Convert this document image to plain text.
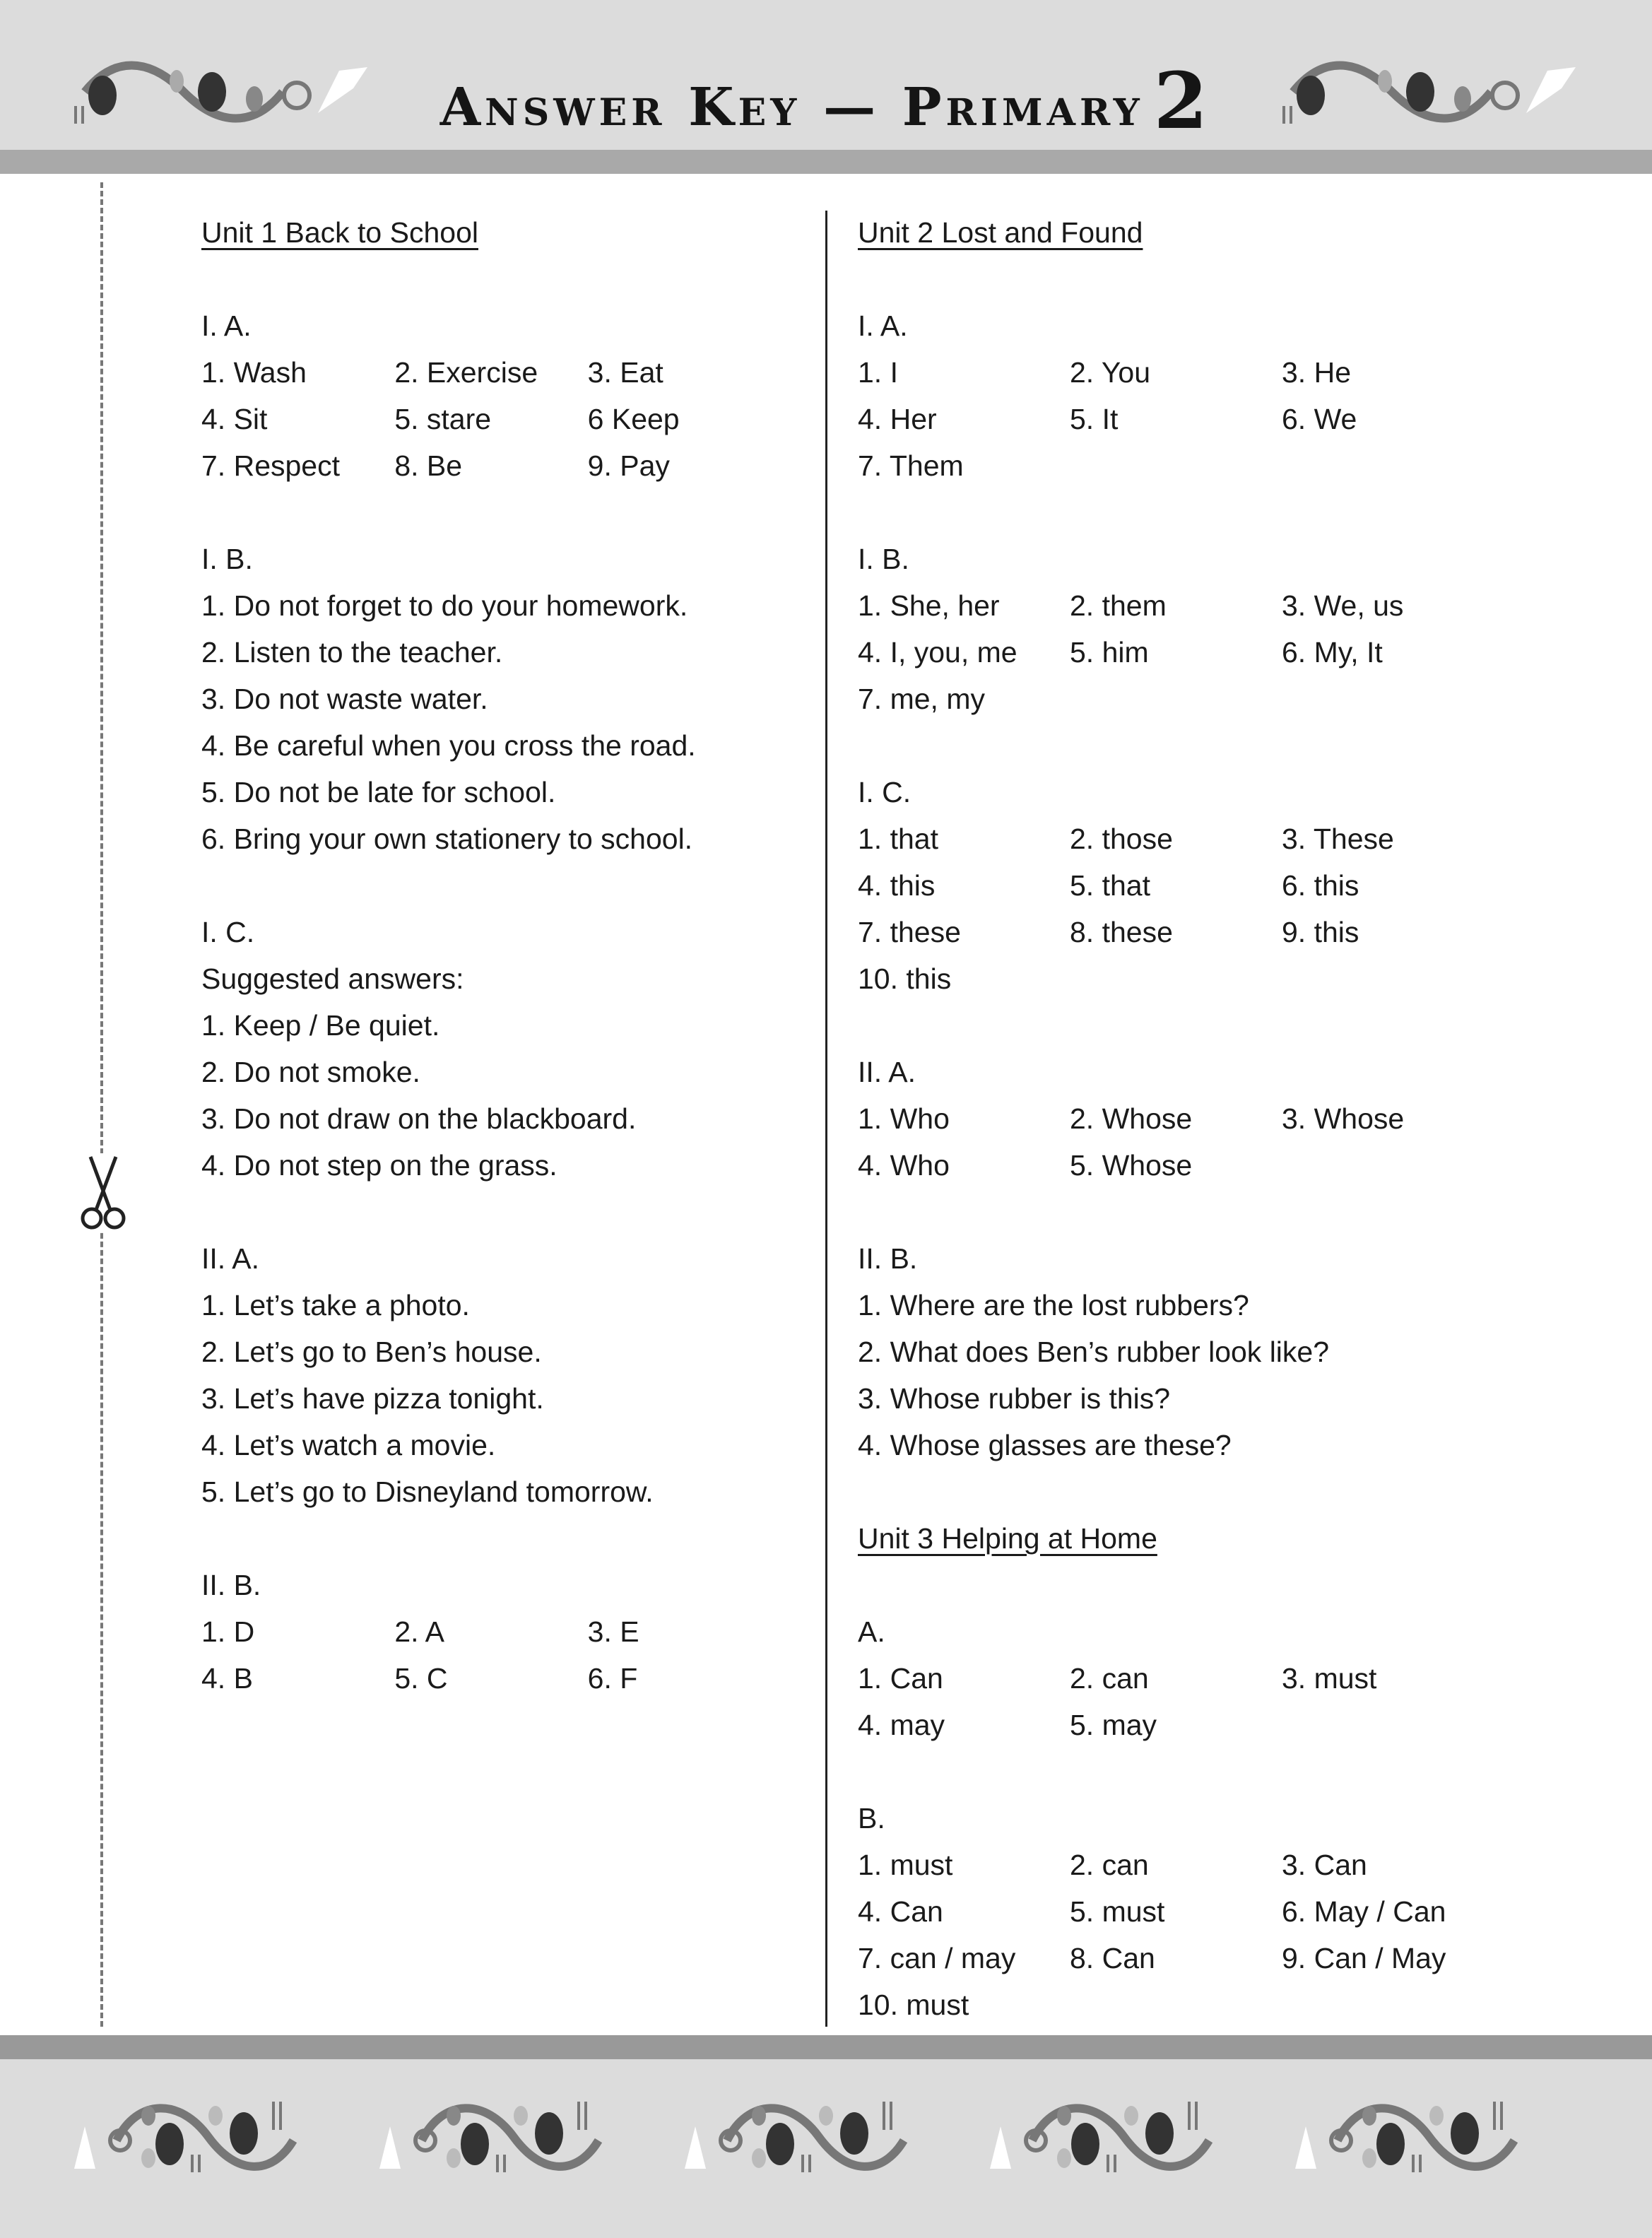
Answer Key — Primary 2
Unit 1 Back to School
I. A.
1. Wash	2. Exercise	3. Eat
4. Sit	5. stare	6 Keep
7. Respect	8. Be	9. Pay
I. B.
1. Do not forget to do your homework.
2. Listen to the teacher.
3. Do not waste water.
4. Be careful when you cross the road.
5. Do not be late for school.
6. Bring your own stationery to school.
I. C.
Suggested answers:
1. Keep / Be quiet.
2. Do not smoke.
3. Do not draw on the blackboard.
4. Do not step on the grass.
II. A.
1. Let’s take a photo.
2. Let’s go to Ben’s house.
3. Let’s have pizza tonight.
4. Let’s watch a movie.
5. Let’s go to Disneyland tomorrow.
II. B.
1. D	2. A	3. E
4. B	5. C	6. F
Unit 2 Lost and Found
I. A.
1. I	2. You	3. He
4. Her	5. It	6. We
7. Them
I. B.
1. She, her	2. them	3. We, us
4. I, you, me	5. him	6. My, It
7. me, my
I. C.
1. that	2. those	3. These
4. this	5. that	6. this
7. these	8. these	9. this
10. this
II. A.
1. Who	2. Whose	3. Whose
4. Who	5. Whose
II. B.
1. Where are the lost rubbers?
2. What does Ben’s rubber look like?
3. Whose rubber is this?
4. Whose glasses are these?
Unit 3 Helping at Home
A.
1. Can	2. can	3. must
4. may	5. may
B.
1. must	2. can	3. Can
4. Can	5. must	6. May / Can
7. can / may	8. Can	9. Can / May
10. must
